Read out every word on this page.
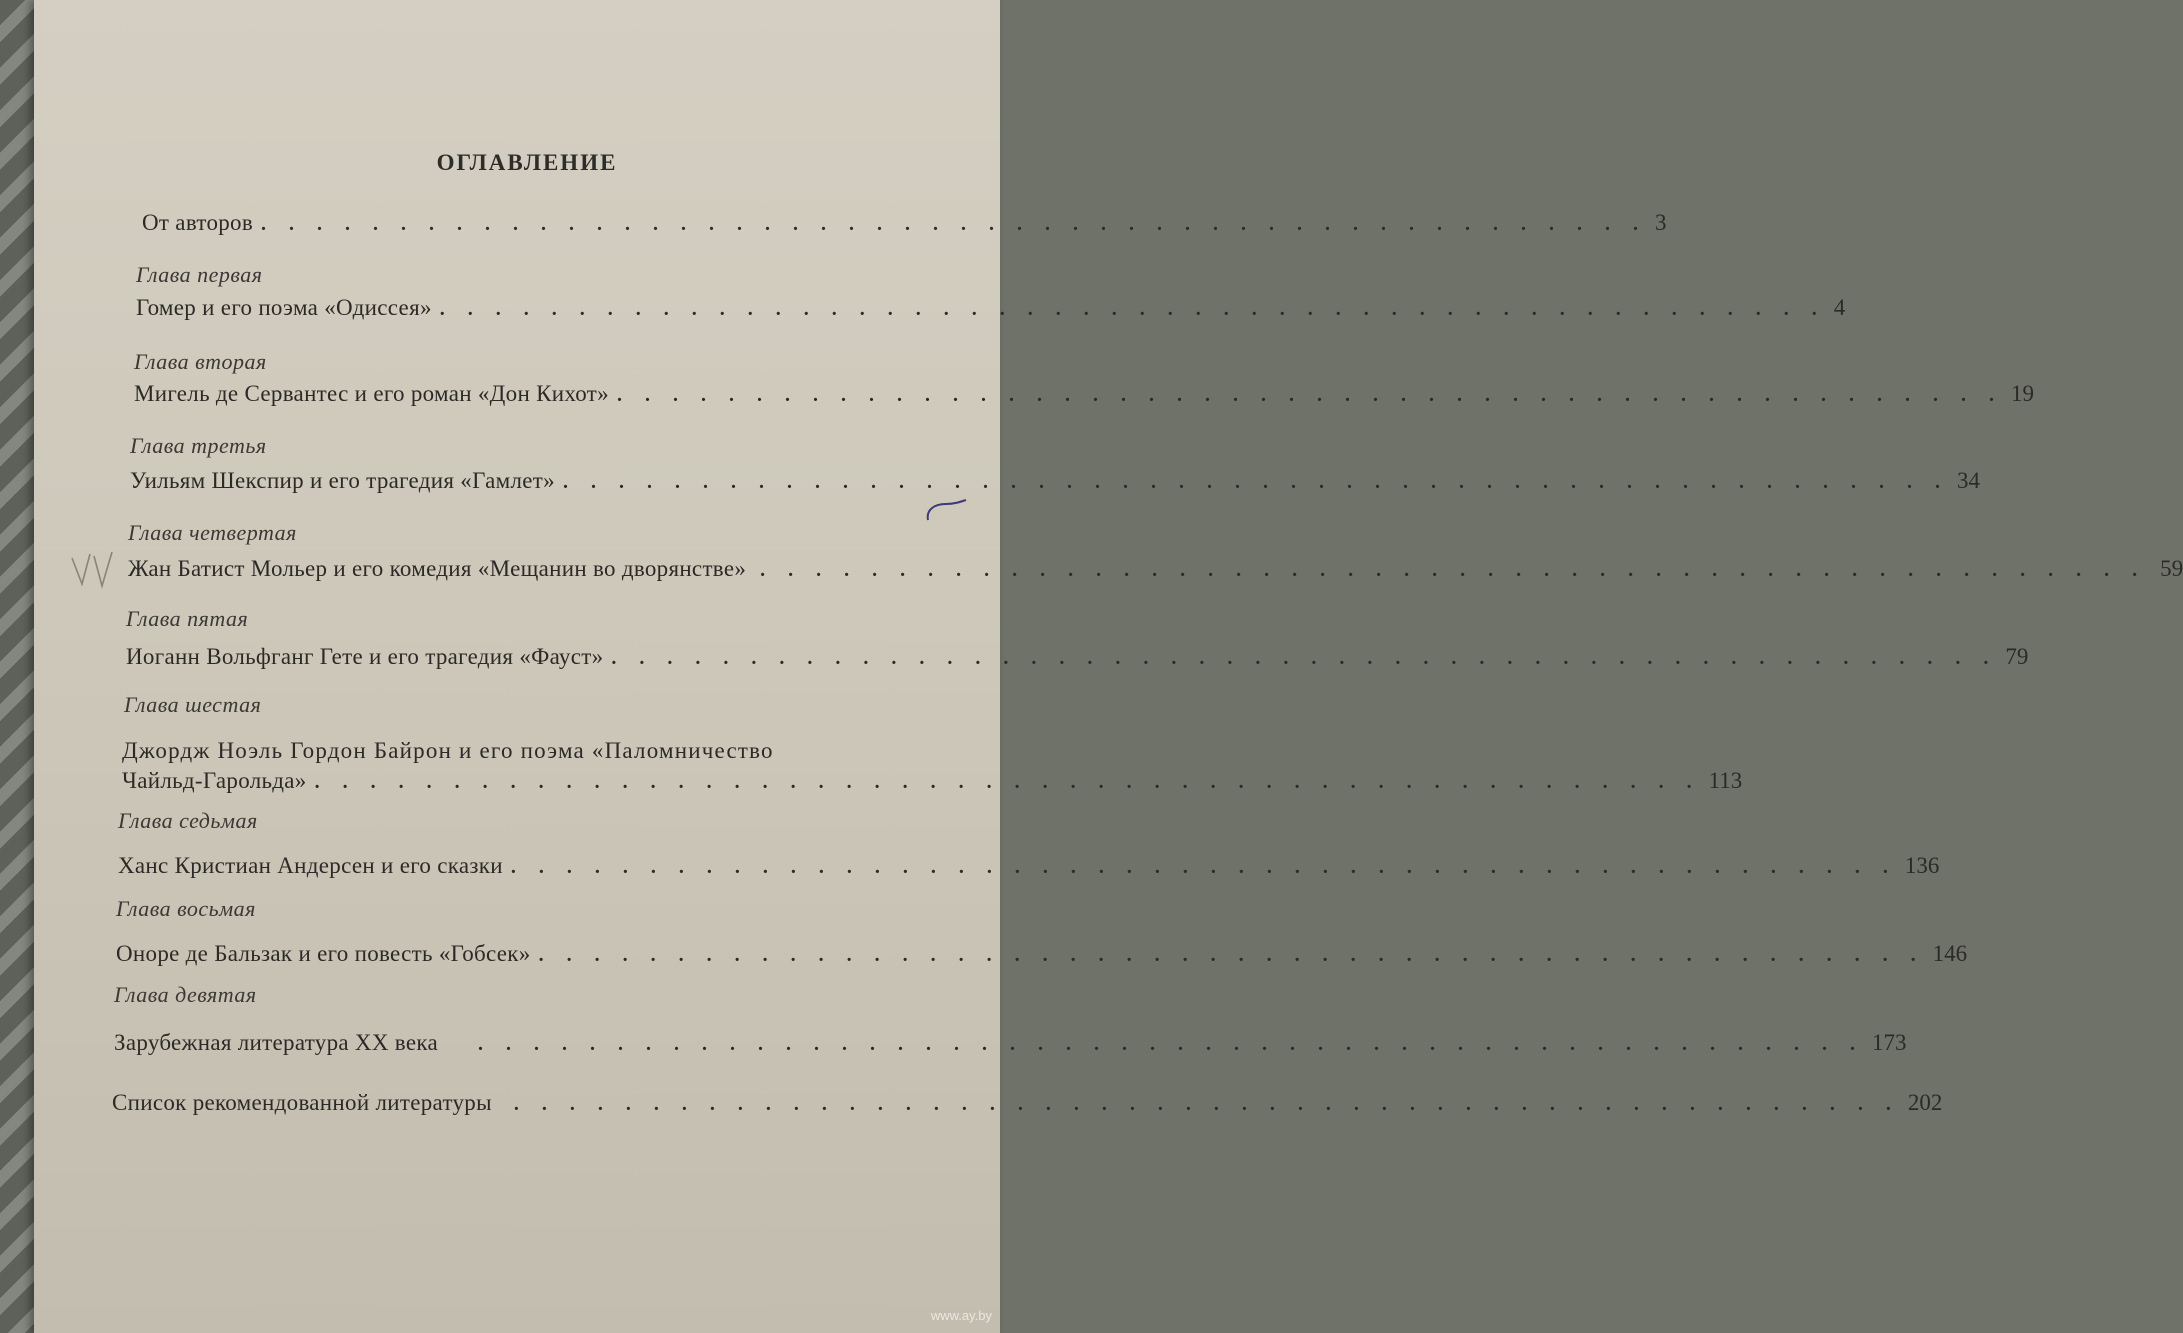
ОГЛАВЛЕНИЕ
От авторов . . . . . . . . . . . . . . . . . . . . . . . . . . . . . . . . . . . . . . . . . . . . . . . . . . 3
Глава первая
Гомер и его поэма «Одиссея» . . . . . . . . . . . . . . . . . . . . . . . . . . . . . . . . . . . . . . . . . . . . . . . . . . 4
Глава вторая
Мигель де Сервантес и его роман «Дон Кихот» . . . . . . . . . . . . . . . . . . . . . . . . . . . . . . . . . . . . . . . . . . . . . . . . . . 19
Глава третья
Уильям Шекспир и его трагедия «Гамлет» . . . . . . . . . . . . . . . . . . . . . . . . . . . . . . . . . . . . . . . . . . . . . . . . . . 34
Глава четвертая
Жан Батист Мольер и его комедия «Мещанин во дворянстве» . . . . . . . . . . . . . . . . . . . . . . . . . . . . . . . . . . . . . . . . . . . . . . . . . . 59
Глава пятая
Иоганн Вольфганг Гете и его трагедия «Фауст» . . . . . . . . . . . . . . . . . . . . . . . . . . . . . . . . . . . . . . . . . . . . . . . . . . 79
Глава шестая
Джордж Ноэль Гордон Байрон и его поэма «Паломничество
Чайльд-Гарольда» . . . . . . . . . . . . . . . . . . . . . . . . . . . . . . . . . . . . . . . . . . . . . . . . . . 113
Глава седьмая
Ханс Кристиан Андерсен и его сказки . . . . . . . . . . . . . . . . . . . . . . . . . . . . . . . . . . . . . . . . . . . . . . . . . . 136
Глава восьмая
Оноре де Бальзак и его повесть «Гобсек» . . . . . . . . . . . . . . . . . . . . . . . . . . . . . . . . . . . . . . . . . . . . . . . . . . 146
Глава девятая
Зарубежная литература XX века . . . . . . . . . . . . . . . . . . . . . . . . . . . . . . . . . . . . . . . . . . . . . . . . . . 173
Список рекомендованной литературы . . . . . . . . . . . . . . . . . . . . . . . . . . . . . . . . . . . . . . . . . . . . . . . . . . 202
www.ay.by
